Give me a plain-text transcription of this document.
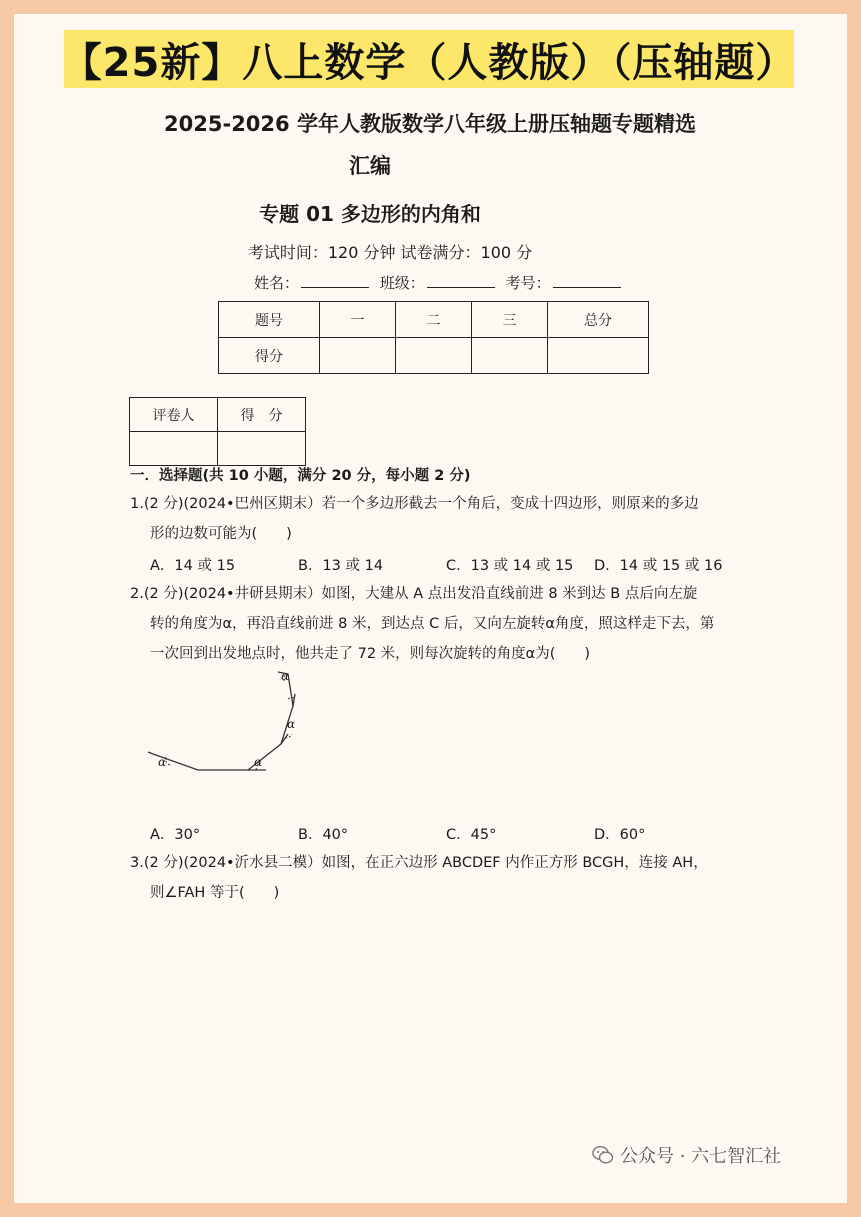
【25新】八上数学（人教版）（压轴题）
2025-2026 学年人教版数学八年级上册压轴题专题精选
汇编
专题 01 多边形的内角和
考试时间：120 分钟 试卷满分：100 分
姓名：	班级：	考号：
题号	一	二	三	总分
得分				
评卷人	得　分

一．选择题(共 10 小题，满分 20 分，每小题 2 分)
1.(2 分)(2024•巴州区期末）若一个多边形截去一个角后，变成十四边形，则原来的多边
形的边数可能为(　　)
A．14 或 15	B．13 或 14	C．13 或 14 或 15	D．14 或 15 或 16
2.(2 分)(2024•井研县期末）如图，大建从 A 点出发沿直线前进 8 米到达 B 点后向左旋
转的角度为α，再沿直线前进 8 米，到达点 C 后，又向左旋转α角度，照这样走下去，第
一次回到出发地点时，他共走了 72 米，则每次旋转的角度α为(　　)
α	α
α
α
A．30°	B．40°	C．45°	D．60°
3.(2 分)(2024•沂水县二模）如图，在正六边形 ABCDEF 内作正方形 BCGH，连接 AH，
则∠FAH 等于(　　)
公众号 · 六七智汇社
